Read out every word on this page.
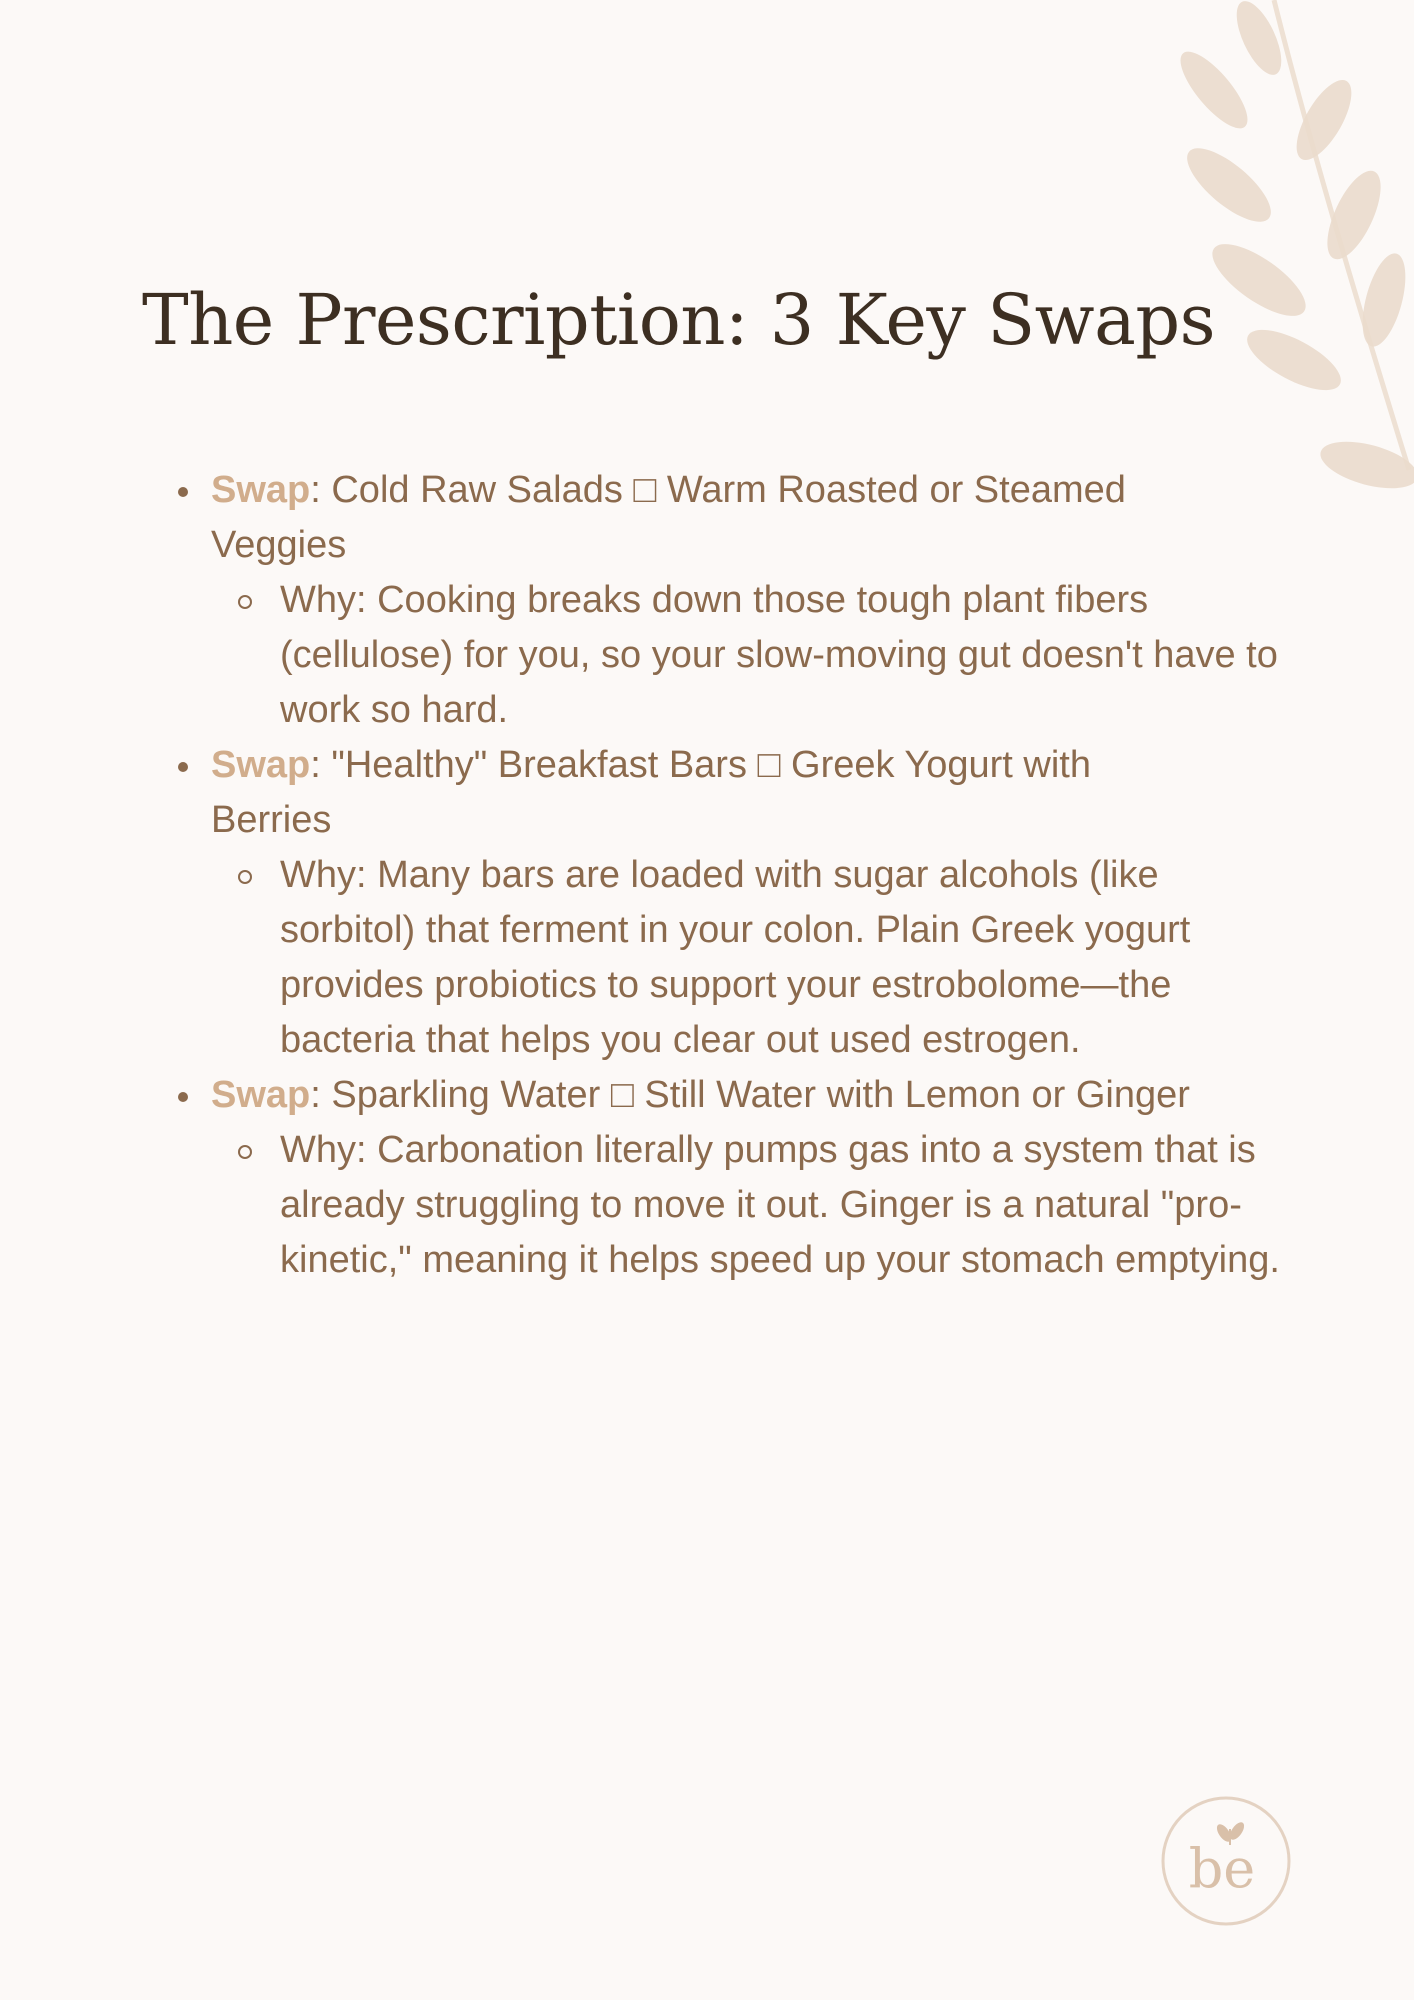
The Prescription: 3 Key Swaps
Swap: Cold Raw Salads □ Warm Roasted or Steamed Veggies
Why: Cooking breaks down those tough plant fibers (cellulose) for you, so your slow-moving gut doesn't have to work so hard.
Swap: "Healthy" Breakfast Bars □ Greek Yogurt with Berries
Why: Many bars are loaded with sugar alcohols (like sorbitol) that ferment in your colon. Plain Greek yogurt provides probiotics to support your estrobolome—the bacteria that helps you clear out used estrogen.
Swap: Sparkling Water □ Still Water with Lemon or Ginger
Why: Carbonation literally pumps gas into a system that is already struggling to move it out. Ginger is a natural "pro-kinetic," meaning it helps speed up your stomach emptying.
be
